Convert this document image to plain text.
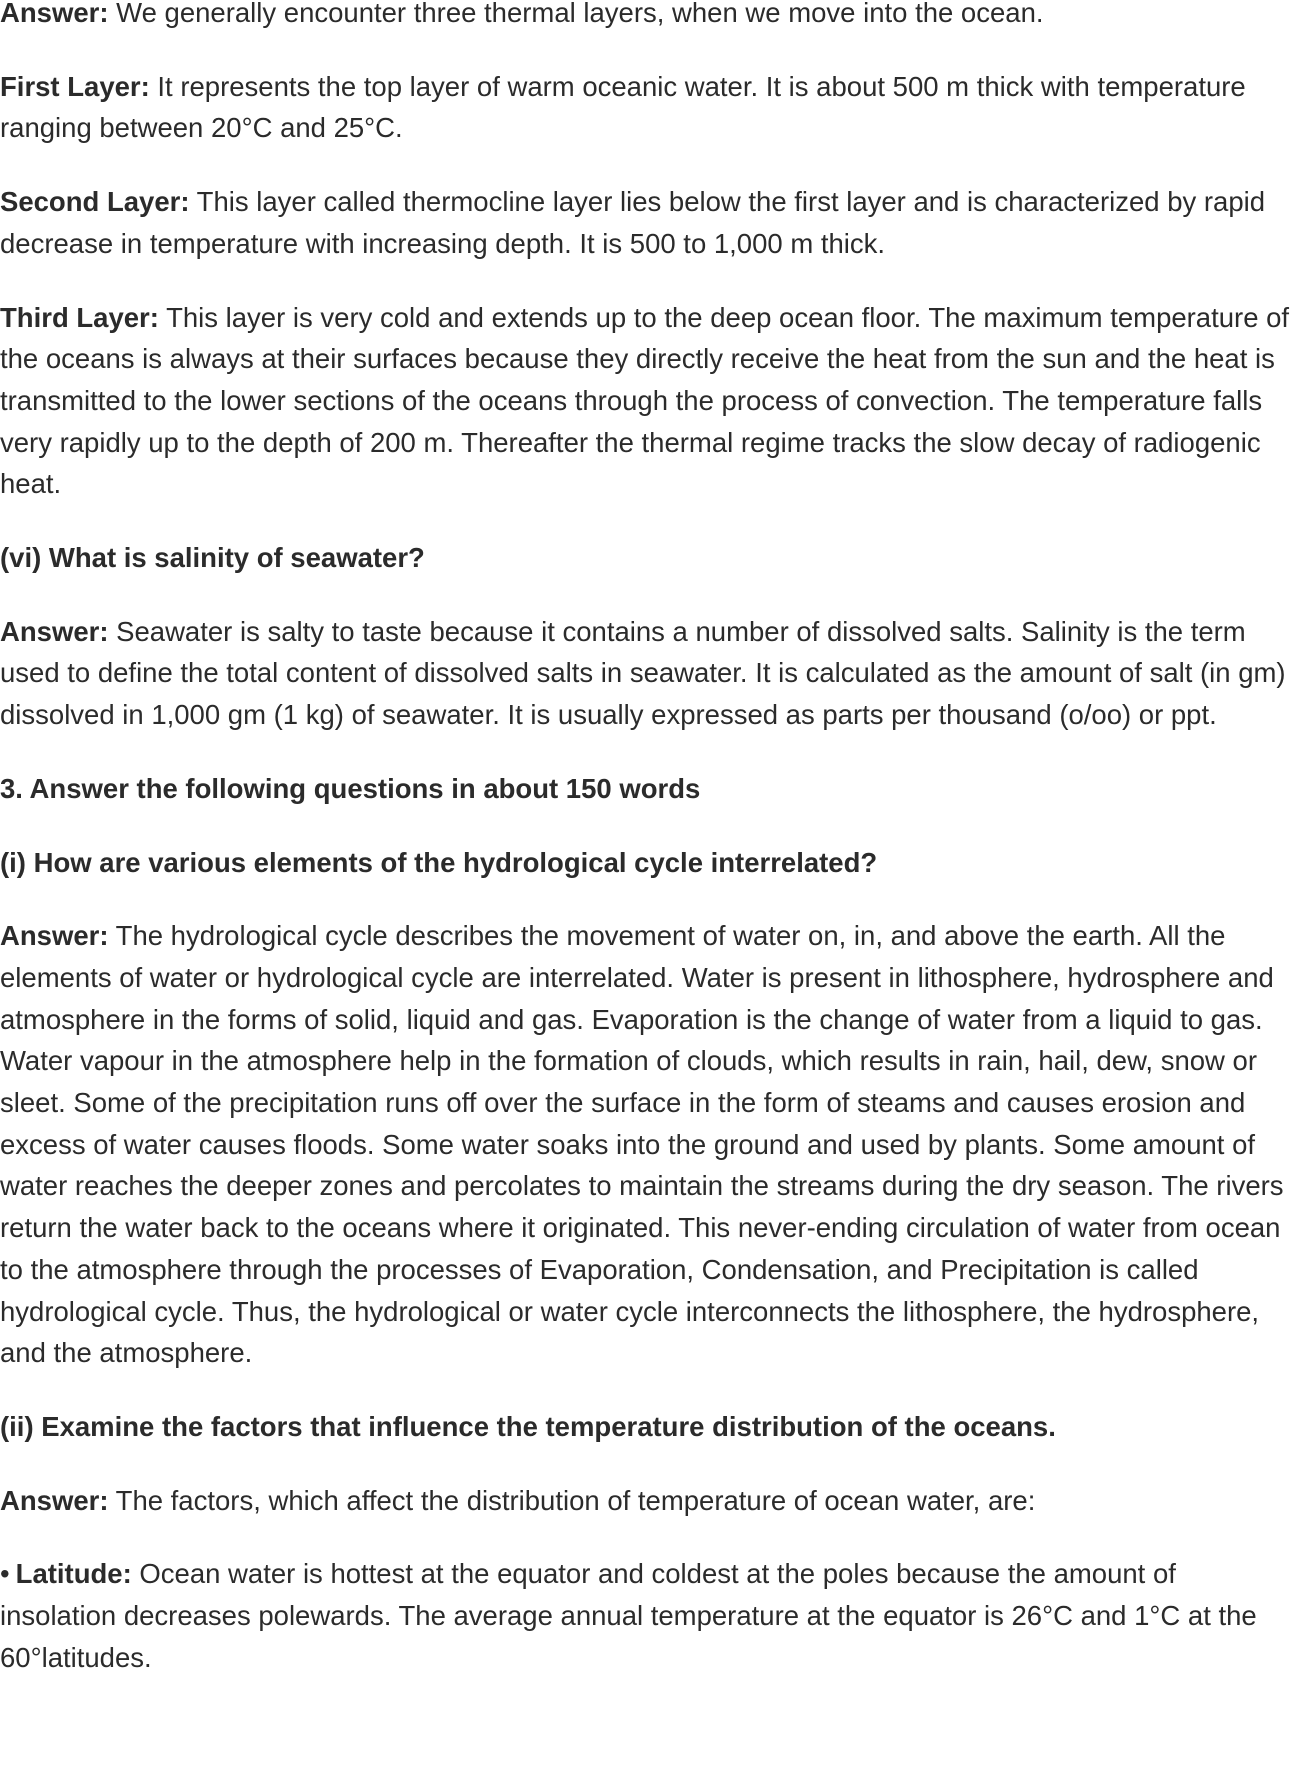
Answer: We generally encounter three thermal layers, when we move into the ocean.

First Layer: It represents the top layer of warm oceanic water. It is about 500 m thick with temperature ranging between 20°C and 25°C.

Second Layer: This layer called thermocline layer lies below the first layer and is characterized by rapid decrease in temperature with increasing depth. It is 500 to 1,000 m thick.

Third Layer: This layer is very cold and extends up to the deep ocean floor. The maximum temperature of the oceans is always at their surfaces because they directly receive the heat from the sun and the heat is transmitted to the lower sections of the oceans through the process of convection. The temperature falls very rapidly up to the depth of 200 m. Thereafter the thermal regime tracks the slow decay of radiogenic heat.

(vi) What is salinity of seawater?

Answer: Seawater is salty to taste because it contains a number of dissolved salts. Salinity is the term used to define the total content of dissolved salts in seawater. It is calculated as the amount of salt (in gm) dissolved in 1,000 gm (1 kg) of seawater. It is usually expressed as parts per thousand (o/oo) or ppt.

3. Answer the following questions in about 150 words

(i) How are various elements of the hydrological cycle interrelated?

Answer: The hydrological cycle describes the movement of water on, in, and above the earth. All the elements of water or hydrological cycle are interrelated. Water is present in lithosphere, hydrosphere and atmosphere in the forms of solid, liquid and gas. Evaporation is the change of water from a liquid to gas. Water vapour in the atmosphere help in the formation of clouds, which results in rain, hail, dew, snow or sleet. Some of the precipitation runs off over the surface in the form of steams and causes erosion and excess of water causes floods. Some water soaks into the ground and used by plants. Some amount of water reaches the deeper zones and percolates to maintain the streams during the dry season. The rivers return the water back to the oceans where it originated. This never-ending circulation of water from ocean to the atmosphere through the processes of Evaporation, Condensation, and Precipitation is called hydrological cycle. Thus, the hydrological or water cycle interconnects the lithosphere, the hydrosphere, and the atmosphere.

(ii) Examine the factors that influence the temperature distribution of the oceans.

Answer: The factors, which affect the distribution of temperature of ocean water, are:

• Latitude: Ocean water is hottest at the equator and coldest at the poles because the amount of insolation decreases polewards. The average annual temperature at the equator is 26°C and 1°C at the 60°latitudes.
